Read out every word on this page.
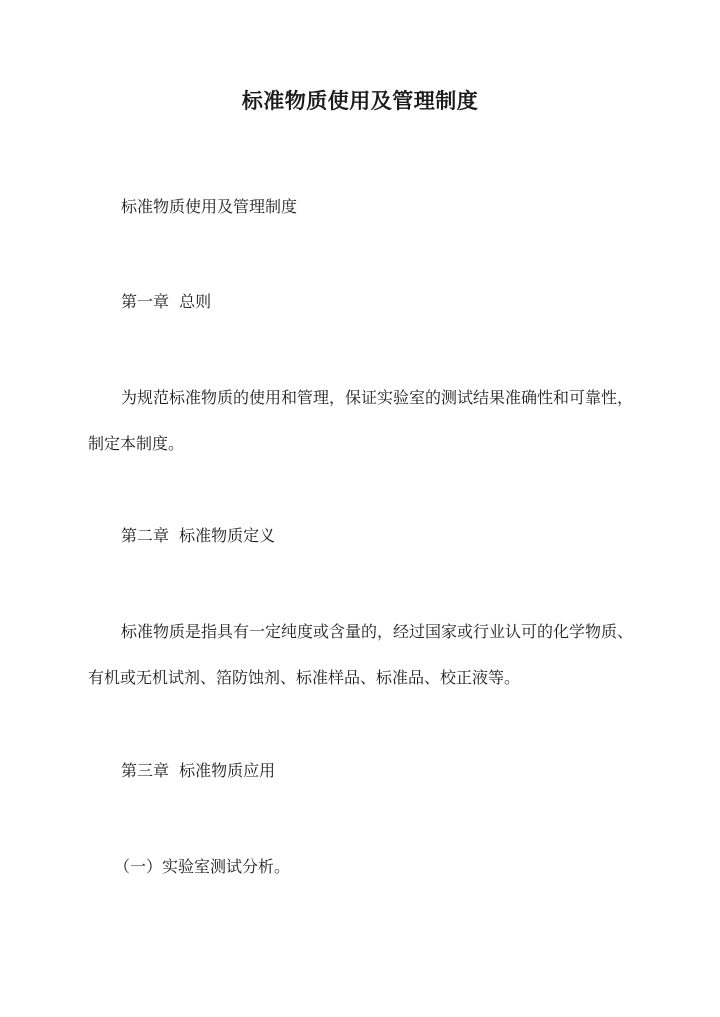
标准物质使用及管理制度

标准物质使用及管理制度

第一章  总则

为规范标准物质的使用和管理，保证实验室的测试结果准确性和可靠性，制定本制度。

第二章  标准物质定义

标准物质是指具有一定纯度或含量的，经过国家或行业认可的化学物质、有机或无机试剂、箔防蚀剂、标准样品、标准品、校正液等。

第三章  标准物质应用

（一）实验室测试分析。
